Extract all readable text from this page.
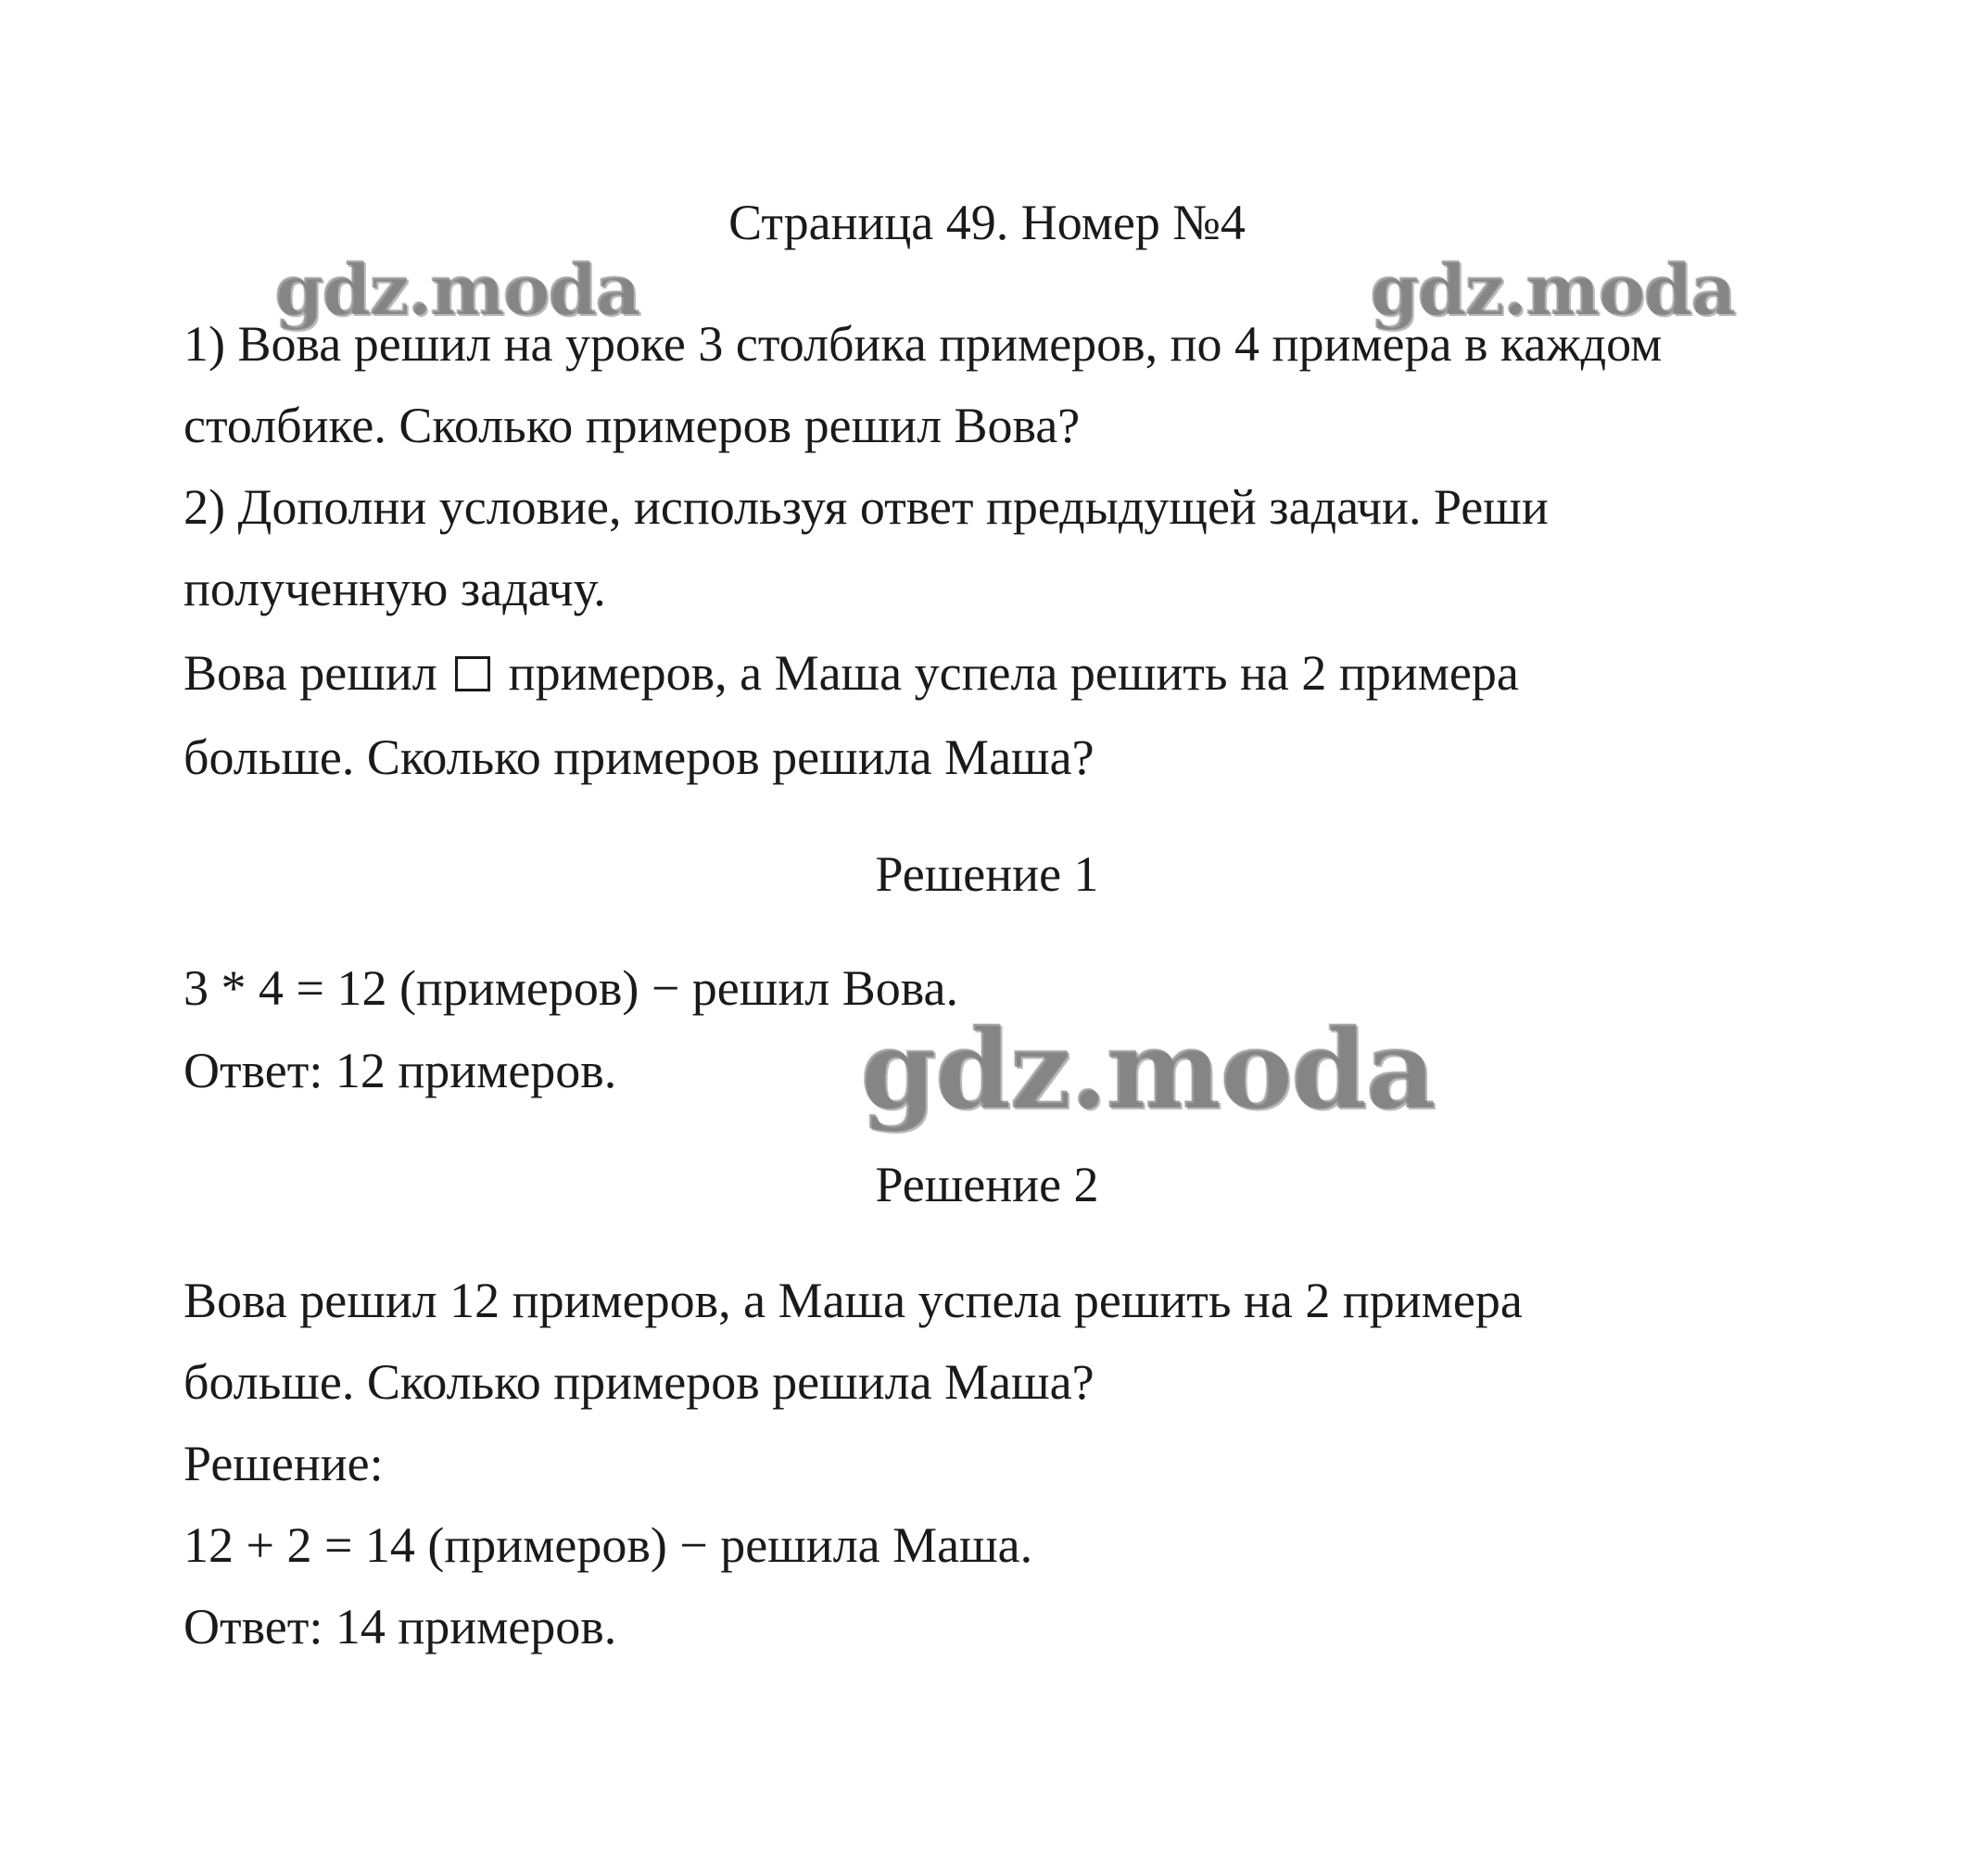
Страница 49. Номер №4
gdz.moda	gdz.moda
gdz.moda
1) Вова решил на уроке 3 столбика примеров, по 4 примера в каждом
столбике. Сколько примеров решил Вова?
2) Дополни условие, используя ответ предыдущей задачи. Реши
полученную задачу.
Вова решил примеров, а Маша успела решить на 2 примера
больше. Сколько примеров решила Маша?
Решение 1
3 * 4 = 12 (примеров) − решил Вова.
Ответ: 12 примеров.
Решение 2
Вова решил 12 примеров, а Маша успела решить на 2 примера
больше. Сколько примеров решила Маша?
Решение:
12 + 2 = 14 (примеров) − решила Маша.
Ответ: 14 примеров.
